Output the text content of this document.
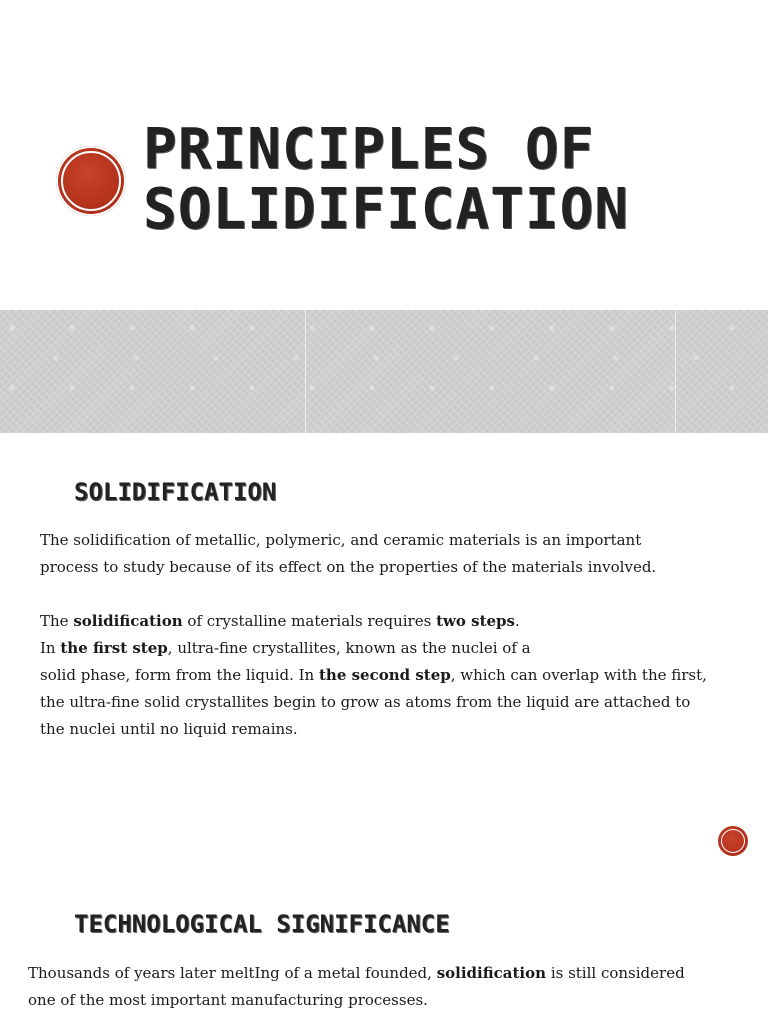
PRINCIPLES OF
SOLIDIFICATION
SOLIDIFICATION

The solidification of metallic, polymeric, and ceramic materials is an important
process to study because of its effect on the properties of the materials involved.

The solidification of crystalline materials requires two steps.
In the first step, ultra-fine crystallites, known as the nuclei of a
solid phase, form from the liquid. In the second step, which can overlap with the first,
the ultra-fine solid crystallites begin to grow as atoms from the liquid are attached to
the nuclei until no liquid remains.

TECHNOLOGICAL SIGNIFICANCE

Thousands of years later meltIng of a metal founded, solidification is still considered
one of the most important manufacturing processes.
